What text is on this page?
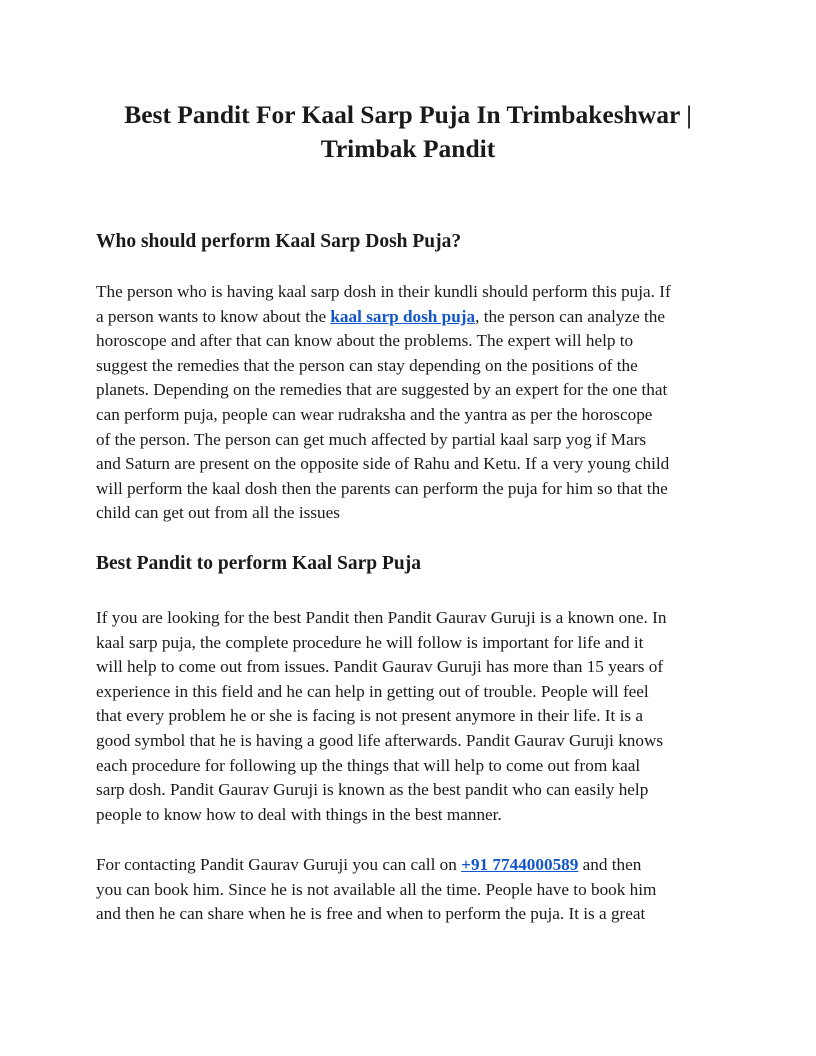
Best Pandit For Kaal Sarp Puja In Trimbakeshwar |
Trimbak Pandit
Who should perform Kaal Sarp Dosh Puja?

The person who is having kaal sarp dosh in their kundli should perform this puja. If
a person wants to know about the kaal sarp dosh puja, the person can analyze the
horoscope and after that can know about the problems. The expert will help to
suggest the remedies that the person can stay depending on the positions of the
planets. Depending on the remedies that are suggested by an expert for the one that
can perform puja, people can wear rudraksha and the yantra as per the horoscope
of the person. The person can get much affected by partial kaal sarp yog if Mars
and Saturn are present on the opposite side of Rahu and Ketu. If a very young child
will perform the kaal dosh then the parents can perform the puja for him so that the
child can get out from all the issues

Best Pandit to perform Kaal Sarp Puja

If you are looking for the best Pandit then Pandit Gaurav Guruji is a known one. In
kaal sarp puja, the complete procedure he will follow is important for life and it
will help to come out from issues. Pandit Gaurav Guruji has more than 15 years of
experience in this field and he can help in getting out of trouble. People will feel
that every problem he or she is facing is not present anymore in their life. It is a
good symbol that he is having a good life afterwards. Pandit Gaurav Guruji knows
each procedure for following up the things that will help to come out from kaal
sarp dosh. Pandit Gaurav Guruji is known as the best pandit who can easily help
people to know how to deal with things in the best manner.

For contacting Pandit Gaurav Guruji you can call on +91 7744000589 and then
you can book him. Since he is not available all the time. People have to book him
and then he can share when he is free and when to perform the puja. It is a great
